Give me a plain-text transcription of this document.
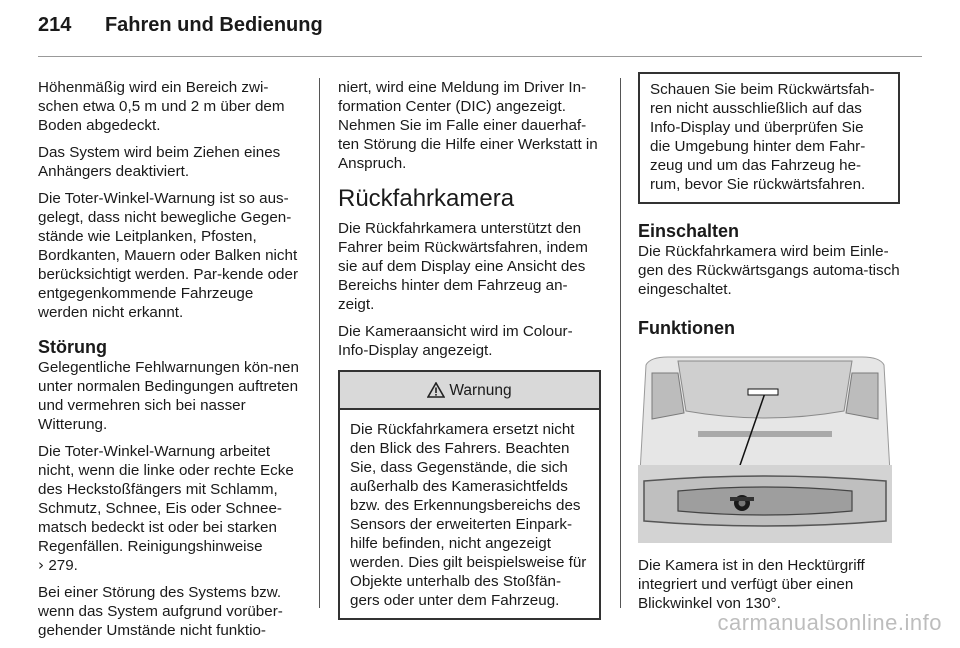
214 Fahren und Bedienung

Höhenmäßig wird ein Bereich zwi-schen etwa 0,5 m und 2 m über dem Boden abgedeckt.

Das System wird beim Ziehen eines Anhängers deaktiviert.

Die Toter-Winkel-Warnung ist so aus-gelegt, dass nicht bewegliche Gegen-stände wie Leitplanken, Pfosten, Bordkanten, Mauern oder Balken nicht berücksichtigt werden. Par-kende oder entgegenkommende Fahrzeuge werden nicht erkannt.

Störung

Gelegentliche Fehlwarnungen kön-nen unter normalen Bedingungen auftreten und vermehren sich bei nasser Witterung.

Die Toter-Winkel-Warnung arbeitet nicht, wenn die linke oder rechte Ecke des Heckstoßfängers mit Schlamm, Schmutz, Schnee, Eis oder Schnee-matsch bedeckt ist oder bei starken Regenfällen. Reinigungshinweise
› 279.

Bei einer Störung des Systems bzw. wenn das System aufgrund vorüber-gehender Umstände nicht funktio-

niert, wird eine Meldung im Driver In-formation Center (DIC) angezeigt. Nehmen Sie im Falle einer dauerhaf-ten Störung die Hilfe einer Werkstatt in Anspruch.

Rückfahrkamera

Die Rückfahrkamera unterstützt den Fahrer beim Rückwärtsfahren, indem sie auf dem Display eine Ansicht des Bereichs hinter dem Fahrzeug an-zeigt.

Die Kameraansicht wird im Colour-Info-Display angezeigt.

Warnung
Die Rückfahrkamera ersetzt nicht den Blick des Fahrers. Beachten Sie, dass Gegenstände, die sich außerhalb des Kamerasichtfelds bzw. des Erkennungsbereichs des Sensors der erweiterten Einpark-hilfe befinden, nicht angezeigt werden. Dies gilt beispielsweise für Objekte unterhalb des Stoßfän-gers oder unter dem Fahrzeug.
Schauen Sie beim Rückwärtsfah-ren nicht ausschließlich auf das Info-Display und überprüfen Sie die Umgebung hinter dem Fahr-zeug und um das Fahrzeug he-rum, bevor Sie rückwärtsfahren.
Einschalten

Die Rückfahrkamera wird beim Einle-gen des Rückwärtsgangs automa-tisch eingeschaltet.

Funktionen

Die Kamera ist in den Hecktürgriff integriert und verfügt über einen Blickwinkel von 130°.

carmanualsonline.info
